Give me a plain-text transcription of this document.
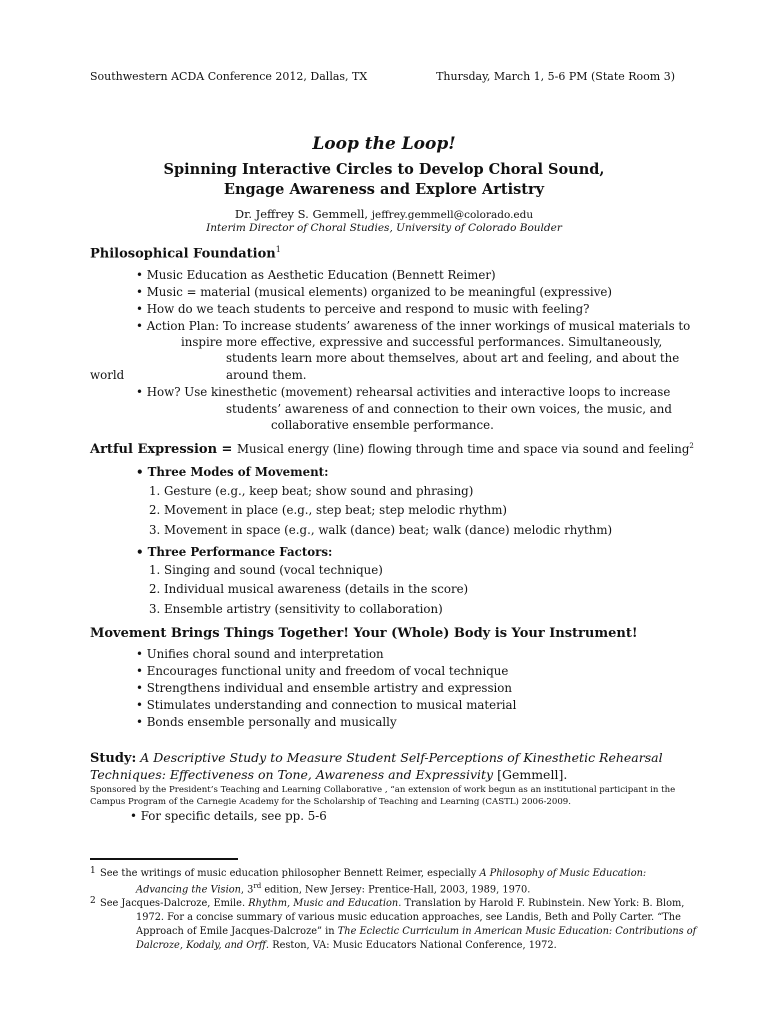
Southwestern ACDA Conference 2012, Dallas, TX	Thursday, March 1, 5-6 PM (State Room 3)
Loop the Loop!
Spinning Interactive Circles to Develop Choral Sound,
Engage Awareness and Explore Artistry
Dr. Jeffrey S. Gemmell, jeffrey.gemmell@colorado.edu
Interim Director of Choral Studies, University of Colorado Boulder
Philosophical Foundation$^1$
• Music Education as Aesthetic Education (Bennett Reimer)
• Music = material (musical elements) organized to be meaningful (expressive)
• How do we teach students to perceive and respond to music with feeling?
• Action Plan: To increase students’ awareness of the inner workings of musical materials to
inspire more effective, expressive and successful performances. Simultaneously,
students learn more about themselves, about art and feeling, and about the
world	around them.
• How? Use kinesthetic (movement) rehearsal activities and interactive loops to increase
students’ awareness of and connection to their own voices, the music, and
collaborative ensemble performance.
Artful Expression = Musical energy (line) flowing through time and space via sound and feeling$^2$
• Three Modes of Movement:
1. Gesture (e.g., keep beat; show sound and phrasing)
2. Movement in place (e.g., step beat; step melodic rhythm)
3. Movement in space (e.g., walk (dance) beat; walk (dance) melodic rhythm)
• Three Performance Factors:
1. Singing and sound (vocal technique)
2. Individual musical awareness (details in the score)
3. Ensemble artistry (sensitivity to collaboration)
Movement Brings Things Together! Your (Whole) Body is Your Instrument!
• Unifies choral sound and interpretation
• Encourages functional unity and freedom of vocal technique
• Strengthens individual and ensemble artistry and expression
• Stimulates understanding and connection to musical material
• Bonds ensemble personally and musically
Study: A Descriptive Study to Measure Student Self-Perceptions of Kinesthetic Rehearsal
Techniques: Effectiveness on Tone, Awareness and Expressivity [Gemmell].
Sponsored by the President’s Teaching and Learning Collaborative , “an extension of work begun as an institutional participant in the
Campus Program of the Carnegie Academy for the Scholarship of Teaching and Learning (CASTL) 2006-2009.
• For specific details, see pp. 5-6
1 See the writings of music education philosopher Bennett Reimer, especially A Philosophy of Music Education:
Advancing the Vision, 3rd edition, New Jersey: Prentice-Hall, 2003, 1989, 1970.
2 See Jacques-Dalcroze, Emile. Rhythm, Music and Education. Translation by Harold F. Rubinstein. New York: B. Blom,
1972. For a concise summary of various music education approaches, see Landis, Beth and Polly Carter. “The
Approach of Emile Jacques-Dalcroze” in The Eclectic Curriculum in American Music Education: Contributions of
Dalcroze, Kodaly, and Orff. Reston, VA: Music Educators National Conference, 1972.
